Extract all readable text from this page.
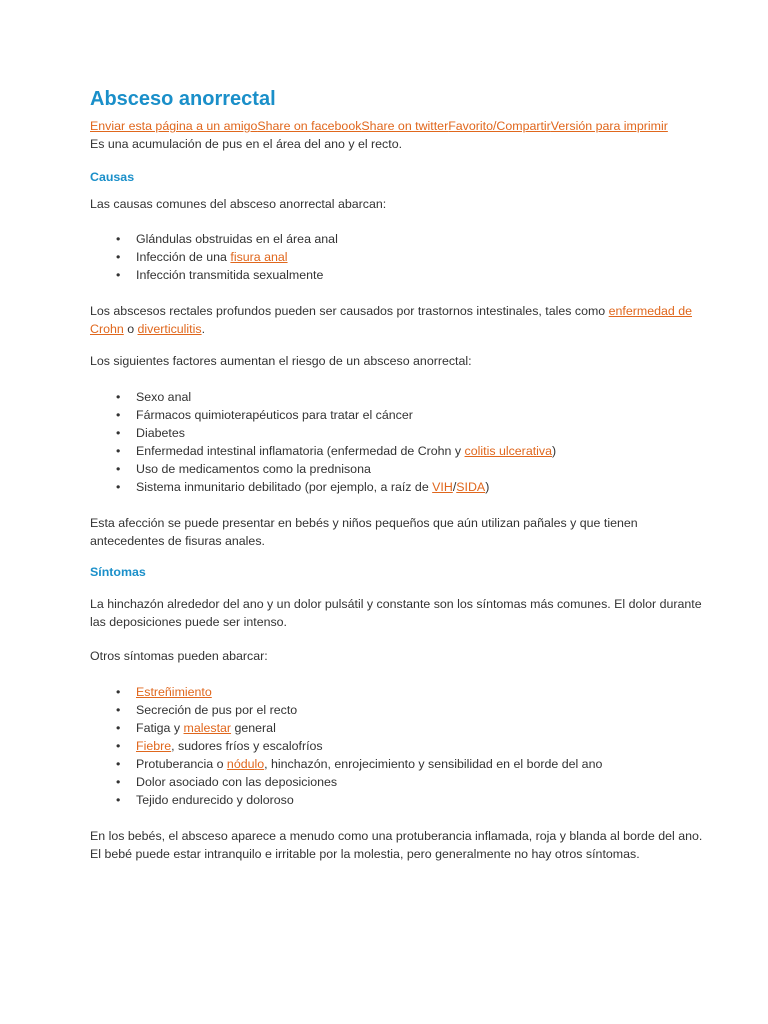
Absceso anorrectal
Enviar esta página a un amigoShare on facebookShare on twitterFavorito/CompartirVersión para imprimir

Es una acumulación de pus en el área del ano y el recto.

Causas

Las causas comunes del absceso anorrectal abarcan:

• Glándulas obstruidas en el área anal
• Infección de una fisura anal
• Infección transmitida sexualmente

Los abscesos rectales profundos pueden ser causados por trastornos intestinales, tales como enfermedad de Crohn o diverticulitis.

Los siguientes factores aumentan el riesgo de un absceso anorrectal:

• Sexo anal
• Fármacos quimioterapéuticos para tratar el cáncer
• Diabetes
• Enfermedad intestinal inflamatoria (enfermedad de Crohn y colitis ulcerativa)
• Uso de medicamentos como la prednisona
• Sistema inmunitario debilitado (por ejemplo, a raíz de VIH/SIDA)

Esta afección se puede presentar en bebés y niños pequeños que aún utilizan pañales y que tienen antecedentes de fisuras anales.

Síntomas

La hinchazón alrededor del ano y un dolor pulsátil y constante son los síntomas más comunes. El dolor durante las deposiciones puede ser intenso.

Otros síntomas pueden abarcar:

• Estreñimiento
• Secreción de pus por el recto
• Fatiga y malestar general
• Fiebre, sudores fríos y escalofríos
• Protuberancia o nódulo, hinchazón, enrojecimiento y sensibilidad en el borde del ano
• Dolor asociado con las deposiciones
• Tejido endurecido y doloroso

En los bebés, el absceso aparece a menudo como una protuberancia inflamada, roja y blanda al borde del ano. El bebé puede estar intranquilo e irritable por la molestia, pero generalmente no hay otros síntomas.
